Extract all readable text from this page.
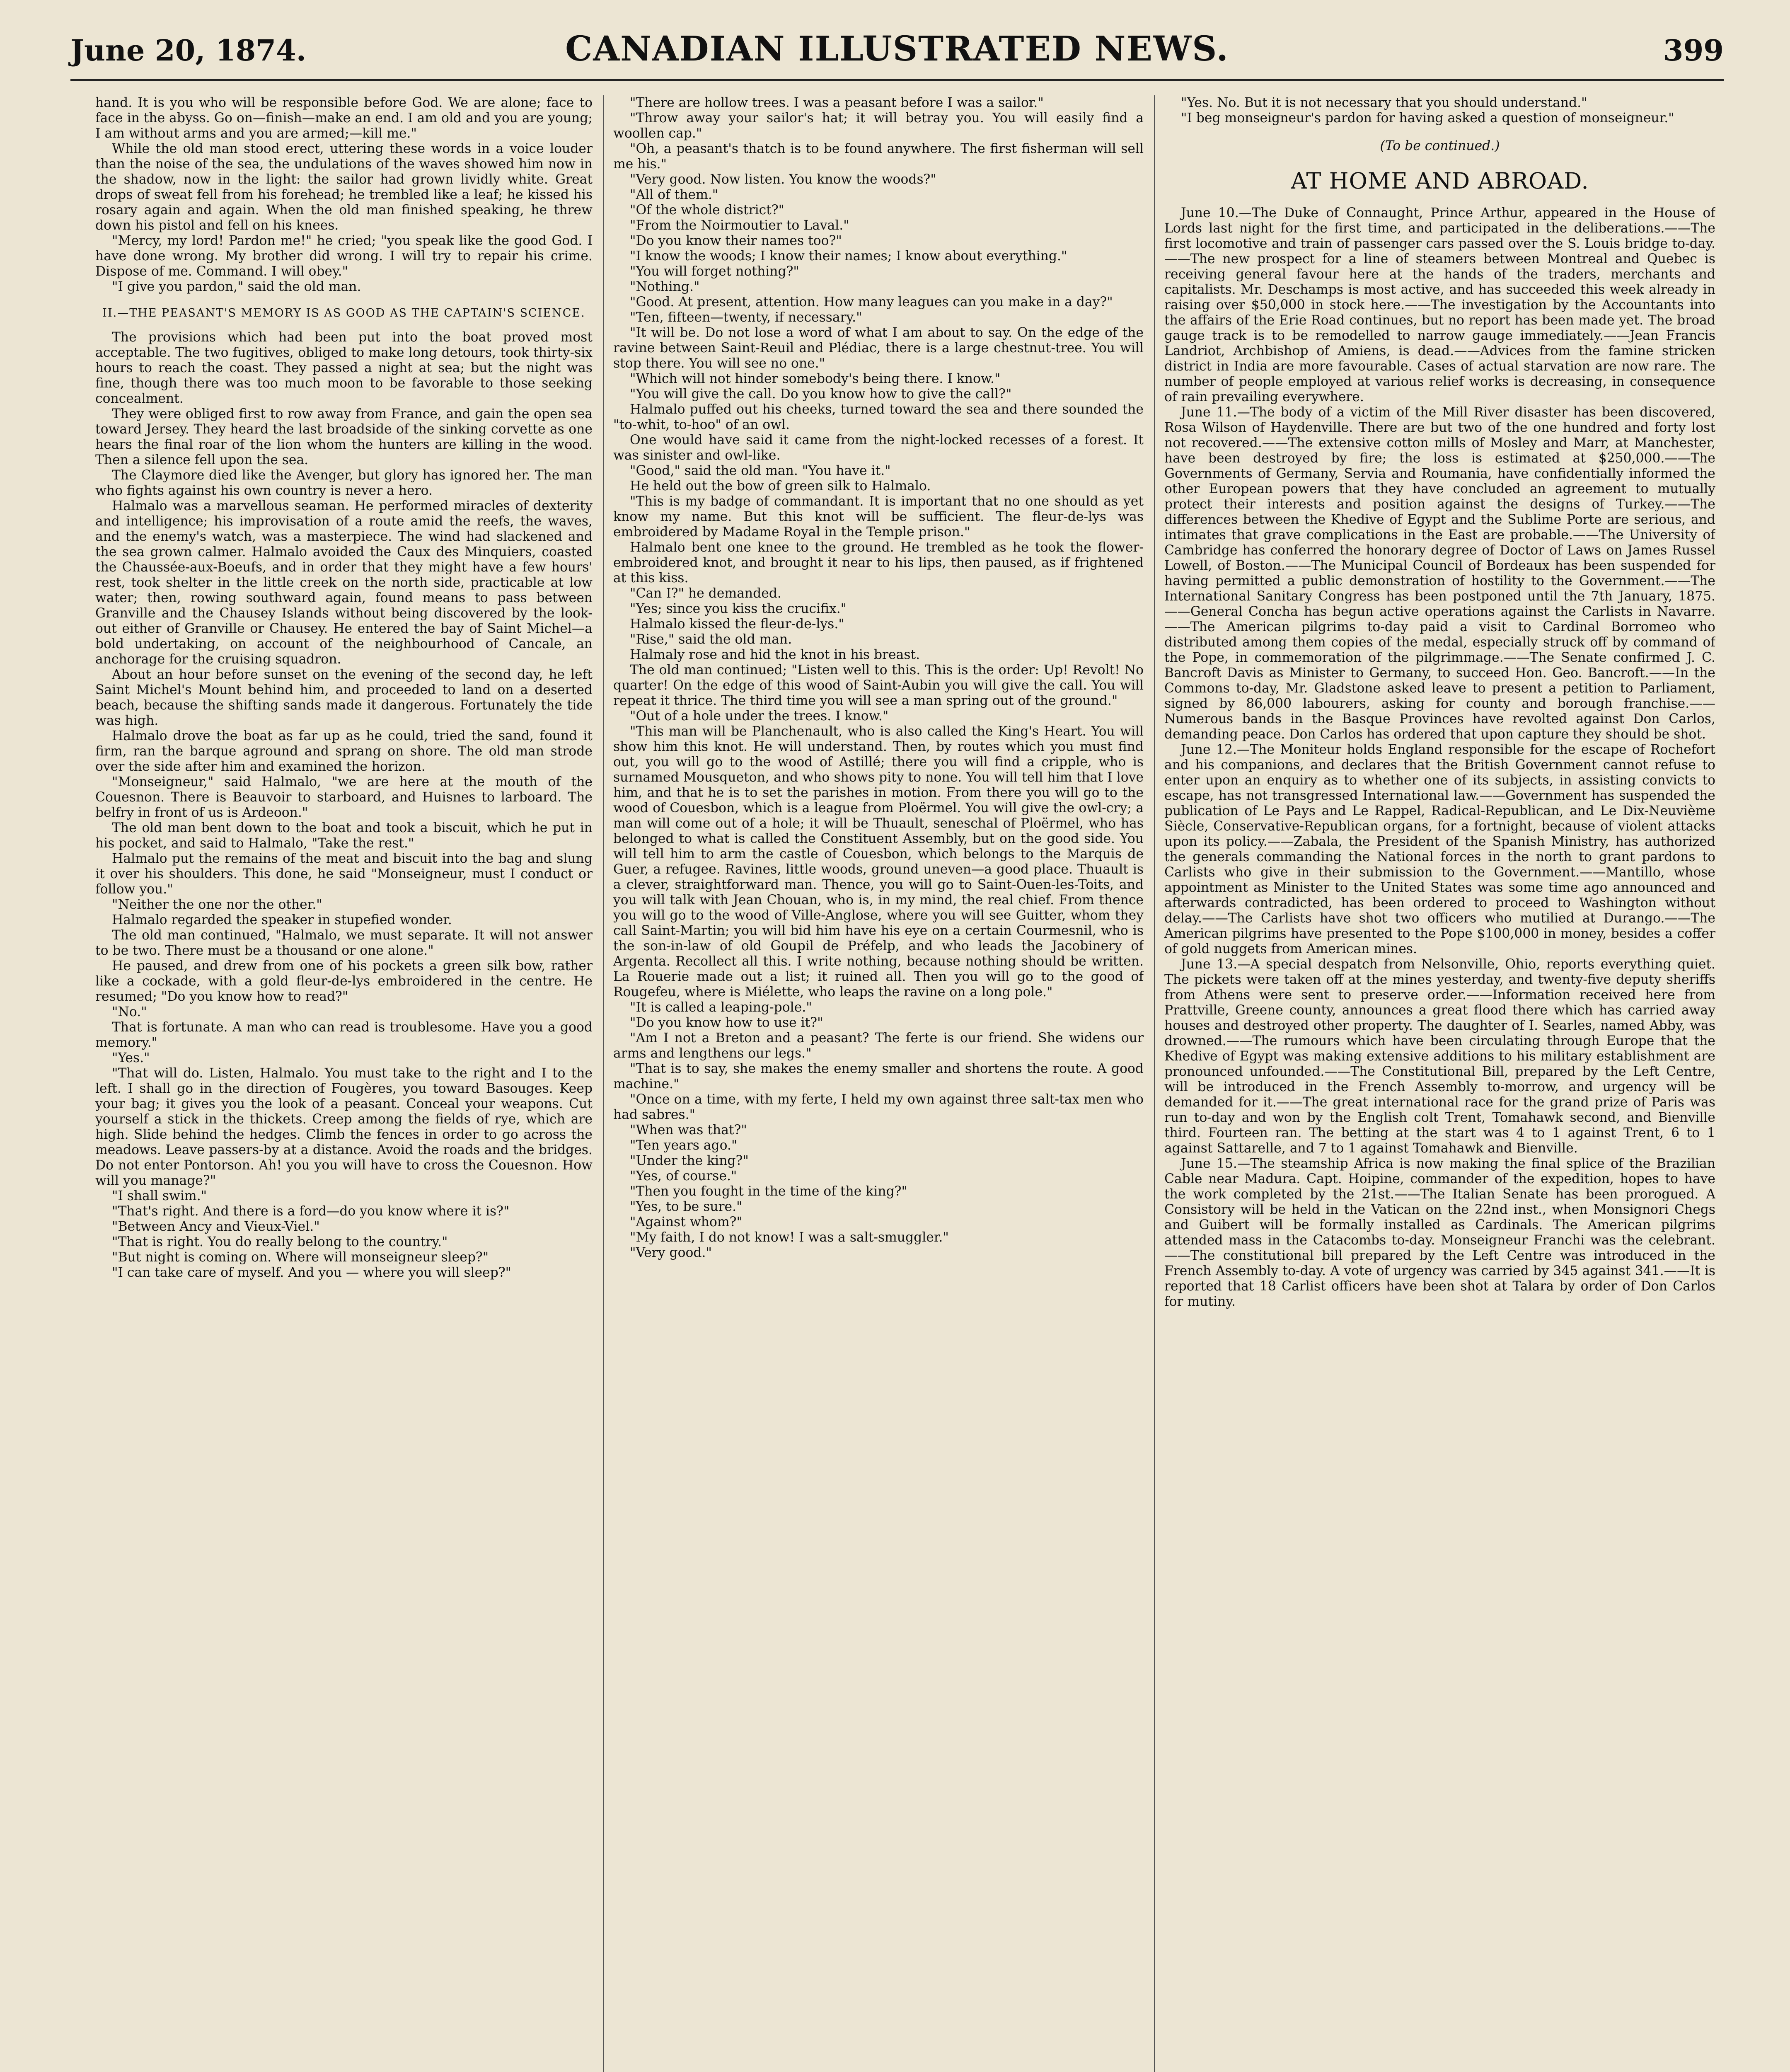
June 20, 1874.	CANADIAN ILLUSTRATED NEWS.	399

hand. It is you who will be responsible before God. We are alone; face to face in the abyss. Go on—finish—make an end. I am old and you are young; I am without arms and you are armed;—kill me."

While the old man stood erect, uttering these words in a voice louder than the noise of the sea, the undulations of the waves showed him now in the shadow, now in the light: the sailor had grown lividly white. Great drops of sweat fell from his forehead; he trembled like a leaf; he kissed his rosary again and again. When the old man finished speaking, he threw down his pistol and fell on his knees.

"Mercy, my lord! Pardon me!" he cried; "you speak like the good God. I have done wrong. My brother did wrong. I will try to repair his crime. Dispose of me. Command. I will obey."

"I give you pardon," said the old man.

II.—THE PEASANT'S MEMORY IS AS GOOD AS THE CAPTAIN'S SCIENCE.

The provisions which had been put into the boat proved most acceptable. The two fugitives, obliged to make long detours, took thirty-six hours to reach the coast. They passed a night at sea; but the night was fine, though there was too much moon to be favorable to those seeking concealment.

They were obliged first to row away from France, and gain the open sea toward Jersey. They heard the last broadside of the sinking corvette as one hears the final roar of the lion whom the hunters are killing in the wood. Then a silence fell upon the sea.

The Claymore died like the Avenger, but glory has ignored her. The man who fights against his own country is never a hero.

Halmalo was a marvellous seaman. He performed miracles of dexterity and intelligence; his improvisation of a route amid the reefs, the waves, and the enemy's watch, was a masterpiece. The wind had slackened and the sea grown calmer. Halmalo avoided the Caux des Minquiers, coasted the Chaussée-aux-Boeufs, and in order that they might have a few hours' rest, took shelter in the little creek on the north side, practicable at low water; then, rowing southward again, found means to pass between Granville and the Chausey Islands without being discovered by the look-out either of Granville or Chausey. He entered the bay of Saint Michel—a bold undertaking, on account of the neighbourhood of Cancale, an anchorage for the cruising squadron.

About an hour before sunset on the evening of the second day, he left Saint Michel's Mount behind him, and proceeded to land on a deserted beach, because the shifting sands made it dangerous. Fortunately the tide was high.

Halmalo drove the boat as far up as he could, tried the sand, found it firm, ran the barque aground and sprang on shore. The old man strode over the side after him and examined the horizon.

"Monseigneur," said Halmalo, "we are here at the mouth of the Couesnon. There is Beauvoir to starboard, and Huisnes to larboard. The belfry in front of us is Ardeoon."

The old man bent down to the boat and took a biscuit, which he put in his pocket, and said to Halmalo, "Take the rest."

Halmalo put the remains of the meat and biscuit into the bag and slung it over his shoulders. This done, he said "Monseigneur, must I conduct or follow you."

"Neither the one nor the other."

Halmalo regarded the speaker in stupefied wonder.

The old man continued, "Halmalo, we must separate. It will not answer to be two. There must be a thousand or one alone."

He paused, and drew from one of his pockets a green silk bow, rather like a cockade, with a gold fleur-de-lys embroidered in the centre. He resumed; "Do you know how to read?"

"No."

That is fortunate. A man who can read is troublesome. Have you a good memory."

"Yes."

"That will do. Listen, Halmalo. You must take to the right and I to the left. I shall go in the direction of Fougères, you toward Basouges. Keep your bag; it gives you the look of a peasant. Conceal your weapons. Cut yourself a stick in the thickets. Creep among the fields of rye, which are high. Slide behind the hedges. Climb the fences in order to go across the meadows. Leave passers-by at a distance. Avoid the roads and the bridges. Do not enter Pontorson. Ah! you you will have to cross the Couesnon. How will you manage?"

"I shall swim."

"That's right. And there is a ford—do you know where it is?"

"Between Ancy and Vieux-Viel."

"That is right. You do really belong to the country."

"But night is coming on. Where will monseigneur sleep?"

"I can take care of myself. And you — where you will sleep?"

"There are hollow trees. I was a peasant before I was a sailor."

"Throw away your sailor's hat; it will betray you. You will easily find a woollen cap."

"Oh, a peasant's thatch is to be found anywhere. The first fisherman will sell me his."

"Very good. Now listen. You know the woods?"

"All of them."

"Of the whole district?"

"From the Noirmoutier to Laval."

"Do you know their names too?"

"I know the woods; I know their names; I know about everything."

"You will forget nothing?"

"Nothing."

"Good. At present, attention. How many leagues can you make in a day?"

"Ten, fifteen—twenty, if necessary."

"It will be. Do not lose a word of what I am about to say. On the edge of the ravine between Saint-Reuil and Plédiac, there is a large chestnut-tree. You will stop there. You will see no one."

"Which will not hinder somebody's being there. I know."

"You will give the call. Do you know how to give the call?"

Halmalo puffed out his cheeks, turned toward the sea and there sounded the "to-whit, to-hoo" of an owl.

One would have said it came from the night-locked recesses of a forest. It was sinister and owl-like.

"Good," said the old man. "You have it."

He held out the bow of green silk to Halmalo.

"This is my badge of commandant. It is important that no one should as yet know my name. But this knot will be sufficient. The fleur-de-lys was embroidered by Madame Royal in the Temple prison."

Halmalo bent one knee to the ground. He trembled as he took the flower-embroidered knot, and brought it near to his lips, then paused, as if frightened at this kiss.

"Can I?" he demanded.

"Yes; since you kiss the crucifix."

Halmalo kissed the fleur-de-lys."

"Rise," said the old man.

Halmaly rose and hid the knot in his breast.

The old man continued; "Listen well to this. This is the order: Up! Revolt! No quarter! On the edge of this wood of Saint-Aubin you will give the call. You will repeat it thrice. The third time you will see a man spring out of the ground."

"Out of a hole under the trees. I know."

"This man will be Planchenault, who is also called the King's Heart. You will show him this knot. He will understand. Then, by routes which you must find out, you will go to the wood of Astillé; there you will find a cripple, who is surnamed Mousqueton, and who shows pity to none. You will tell him that I love him, and that he is to set the parishes in motion. From there you will go to the wood of Couesbon, which is a league from Ploërmel. You will give the owl-cry; a man will come out of a hole; it will be Thuault, seneschal of Ploërmel, who has belonged to what is called the Constituent Assembly, but on the good side. You will tell him to arm the castle of Couesbon, which belongs to the Marquis de Guer, a refugee. Ravines, little woods, ground uneven—a good place. Thuault is a clever, straightforward man. Thence, you will go to Saint-Ouen-les-Toits, and you will talk with Jean Chouan, who is, in my mind, the real chief. From thence you will go to the wood of Ville-Anglose, where you will see Guitter, whom they call Saint-Martin; you will bid him have his eye on a certain Courmesnil, who is the son-in-law of old Goupil de Préfelp, and who leads the Jacobinery of Argenta. Recollect all this. I write nothing, because nothing should be written. La Rouerie made out a list; it ruined all. Then you will go to the good of Rougefeu, where is Miélette, who leaps the ravine on a long pole."

"It is called a leaping-pole."

"Do you know how to use it?"

"Am I not a Breton and a peasant? The ferte is our friend. She widens our arms and lengthens our legs."

"That is to say, she makes the enemy smaller and shortens the route. A good machine."

"Once on a time, with my ferte, I held my own against three salt-tax men who had sabres."

"When was that?"

"Ten years ago."

"Under the king?"

"Yes, of course."

"Then you fought in the time of the king?"

"Yes, to be sure."

"Against whom?"

"My faith, I do not know! I was a salt-smuggler."

"Very good."

"Yes. No. But it is not necessary that you should understand."

"I beg monseigneur's pardon for having asked a question of monseigneur."

(To be continued.)

AT HOME AND ABROAD.

June 10.—The Duke of Connaught, Prince Arthur, appeared in the House of Lords last night for the first time, and participated in the deliberations.——The first locomotive and train of passenger cars passed over the S. Louis bridge to-day.——The new prospect for a line of steamers between Montreal and Quebec is receiving general favour here at the hands of the traders, merchants and capitalists. Mr. Deschamps is most active, and has succeeded this week already in raising over $50,000 in stock here.——The investigation by the Accountants into the affairs of the Erie Road continues, but no report has been made yet. The broad gauge track is to be remodelled to narrow gauge immediately.——Jean Francis Landriot, Archbishop of Amiens, is dead.——Advices from the famine stricken district in India are more favourable. Cases of actual starvation are now rare. The number of people employed at various relief works is decreasing, in consequence of rain prevailing everywhere.

June 11.—The body of a victim of the Mill River disaster has been discovered, Rosa Wilson of Haydenville. There are but two of the one hundred and forty lost not recovered.——The extensive cotton mills of Mosley and Marr, at Manchester, have been destroyed by fire; the loss is estimated at $250,000.——The Governments of Germany, Servia and Roumania, have confidentially informed the other European powers that they have concluded an agreement to mutually protect their interests and position against the designs of Turkey.——The differences between the Khedive of Egypt and the Sublime Porte are serious, and intimates that grave complications in the East are probable.——The University of Cambridge has conferred the honorary degree of Doctor of Laws on James Russel Lowell, of Boston.——The Municipal Council of Bordeaux has been suspended for having permitted a public demonstration of hostility to the Government.——The International Sanitary Congress has been postponed until the 7th January, 1875.——General Concha has begun active operations against the Carlists in Navarre.——The American pilgrims to-day paid a visit to Cardinal Borromeo who distributed among them copies of the medal, especially struck off by command of the Pope, in commemoration of the pilgrimmage.——The Senate confirmed J. C. Bancroft Davis as Minister to Germany, to succeed Hon. Geo. Bancroft.——In the Commons to-day, Mr. Gladstone asked leave to present a petition to Parliament, signed by 86,000 labourers, asking for county and borough franchise.——Numerous bands in the Basque Provinces have revolted against Don Carlos, demanding peace. Don Carlos has ordered that upon capture they should be shot.

June 12.—The Moniteur holds England responsible for the escape of Rochefort and his companions, and declares that the British Government cannot refuse to enter upon an enquiry as to whether one of its subjects, in assisting convicts to escape, has not transgressed International law.——Government has suspended the publication of Le Pays and Le Rappel, Radical-Republican, and Le Dix-Neuvième Siècle, Conservative-Republican organs, for a fortnight, because of violent attacks upon its policy.——Zabala, the President of the Spanish Ministry, has authorized the generals commanding the National forces in the north to grant pardons to Carlists who give in their submission to the Government.——Mantillo, whose appointment as Minister to the United States was some time ago announced and afterwards contradicted, has been ordered to proceed to Washington without delay.——The Carlists have shot two officers who mutilied at Durango.——The American pilgrims have presented to the Pope $100,000 in money, besides a coffer of gold nuggets from American mines.

June 13.—A special despatch from Nelsonville, Ohio, reports everything quiet. The pickets were taken off at the mines yesterday, and twenty-five deputy sheriffs from Athens were sent to preserve order.——Information received here from Prattville, Greene county, announces a great flood there which has carried away houses and destroyed other property. The daughter of I. Searles, named Abby, was drowned.——The rumours which have been circulating through Europe that the Khedive of Egypt was making extensive additions to his military establishment are pronounced unfounded.——The Constitutional Bill, prepared by the Left Centre, will be introduced in the French Assembly to-morrow, and urgency will be demanded for it.——The great international race for the grand prize of Paris was run to-day and won by the English colt Trent, Tomahawk second, and Bienville third. Fourteen ran. The betting at the start was 4 to 1 against Trent, 6 to 1 against Sattarelle, and 7 to 1 against Tomahawk and Bienville.

June 15.—The steamship Africa is now making the final splice of the Brazilian Cable near Madura. Capt. Hoipine, commander of the expedition, hopes to have the work completed by the 21st.——The Italian Senate has been prorogued. A Consistory will be held in the Vatican on the 22nd inst., when Monsignori Chegs and Guibert will be formally installed as Cardinals. The American pilgrims attended mass in the Catacombs to-day. Monseigneur Franchi was the celebrant.——The constitutional bill prepared by the Left Centre was introduced in the French Assembly to-day. A vote of urgency was carried by 345 against 341.——It is reported that 18 Carlist officers have been shot at Talara by order of Don Carlos for mutiny.
